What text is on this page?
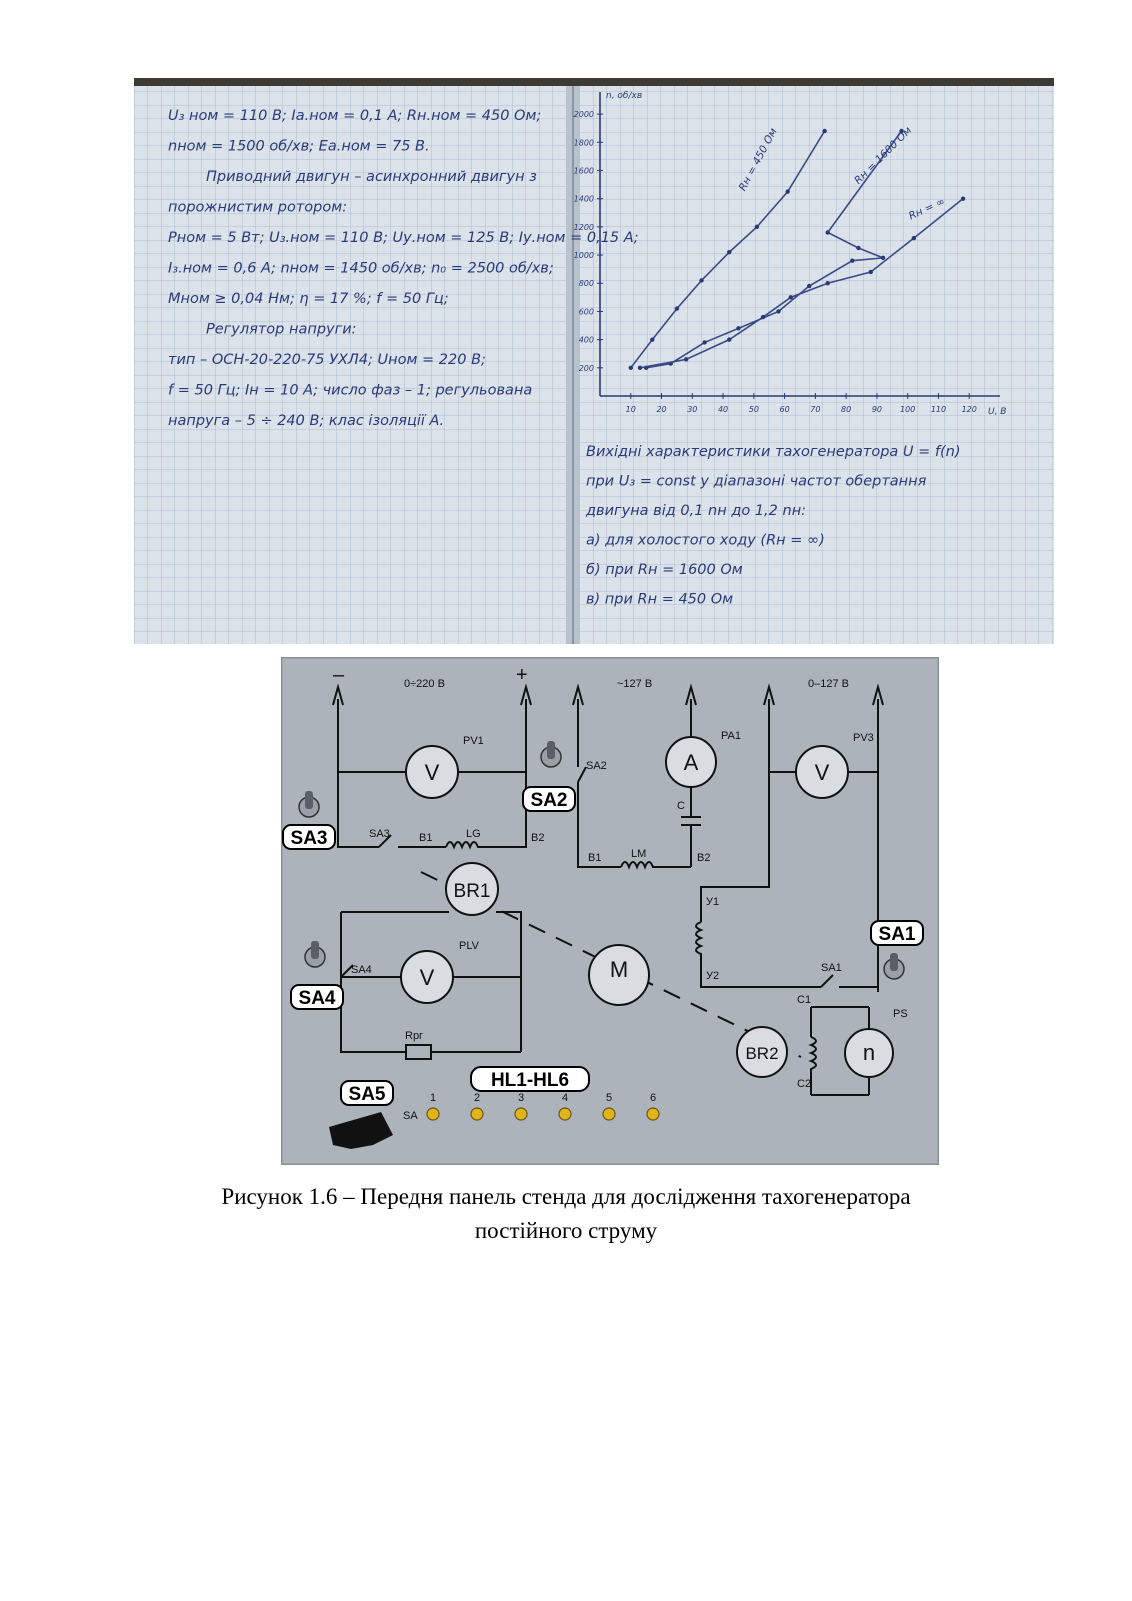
U₃ ном = 110 В; Iа.ном = 0,1 А; Rн.ном = 450 Ом;
nном = 1500 об/хв; Eа.ном = 75 В.
Приводний двигун – асинхронний двигун з
порожнистим ротором:
Pном = 5 Вт; U₃.ном = 110 В; Uу.ном = 125 В; Iу.ном = 0,15 А;
I₃.ном = 0,6 А; nном = 1450 об/хв; n₀ = 2500 об/хв;
Mном ≥ 0,04 Нм; η = 17 %; f = 50 Гц;
Регулятор напруги:
тип – ОСН-20-220-75 УХЛ4; Uном = 220 В;
f = 50 Гц; Iн = 10 А; число фаз – 1; регульована
напруга – 5 ÷ 240 В; клас ізоляції А.
Вихідні характеристики тахогенератора U = f(n)
при U₃ = const у діапазоні частот обертання
двигуна від 0,1 nн до 1,2 nн:
а) для холостого ходу (Rн = ∞)
б) при Rн = 1600 Ом
в) при Rн = 450 Ом
n, об/хв
U, В
10	20	30	40	50	60	70	80	90 100 110 120
200
400
600
800
1000
1200
1400
1600
1800
2000
Rн = 450 Ом	Rн = 1600 Ом
Rн = ∞
V	A	V
V
BR1
M
BR2	n
–	+
0÷220 В	~127 В	0–127 В
PV1	PA1	PV3
PLV
PS
SA3	B1	LG	B2
SA2
B1	LM	B2
C
У1
У2
SA1
C1
C2
SA4
Rрг
SA
SA3
SA2
SA4
SA1
SA5
HL1-HL6
1	2	3	4	5	6
Рисунок 1.6 – Передня панель стенда для дослідження тахогенератора
постійного струму
